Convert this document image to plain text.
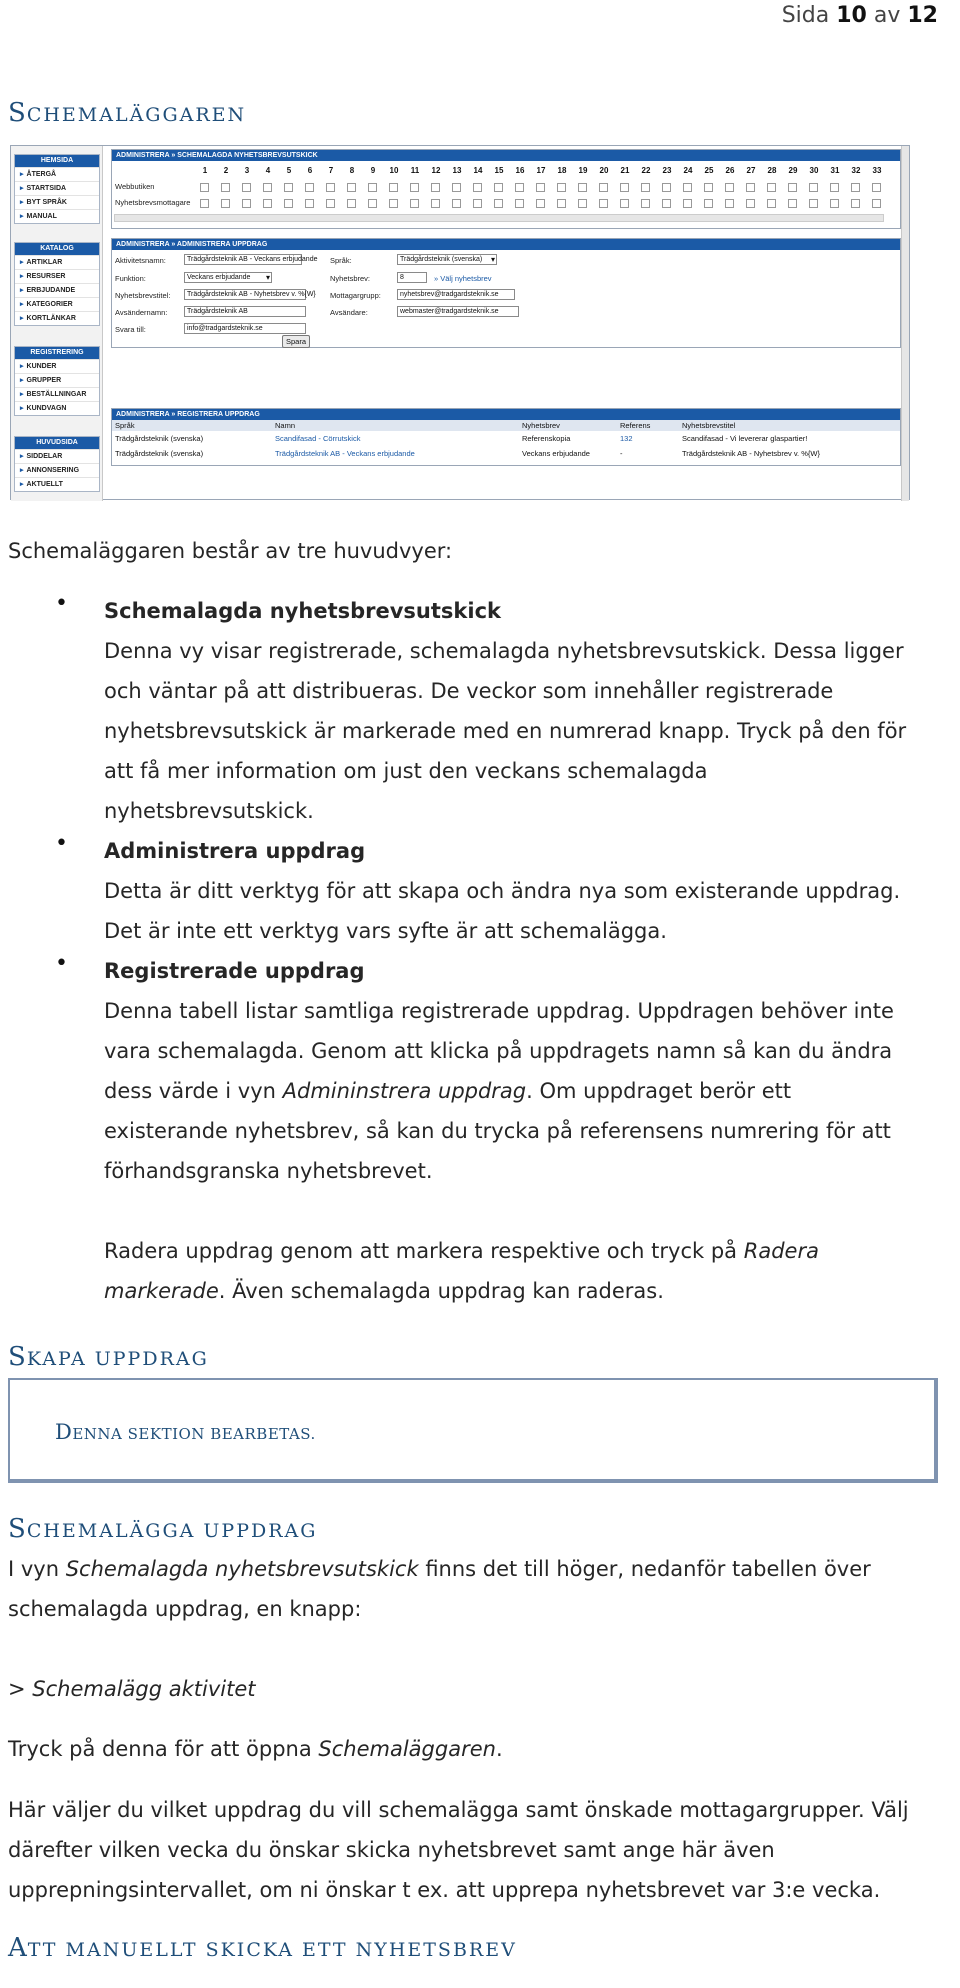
Sida 10 av 12
SCHEMALÄGGAREN
HEMSIDA
▸ ÅTERGÅ
▸ STARTSIDA
▸ BYT SPRÅK
▸ MANUAL
KATALOG
▸ ARTIKLAR
▸ RESURSER
▸ ERBJUDANDE
▸ KATEGORIER
▸ KORTLÄNKAR
REGISTRERING
▸ KUNDER
▸ GRUPPER
▸ BESTÄLLNINGAR
▸ KUNDVAGN
HUVUDSIDA
▸ SIDDELAR
▸ ANNONSERING
▸ AKTUELLT
ADMINISTRERA » SCHEMALAGDA NYHETSBREVSUTSKICK
1	2	3	4	5	6	7	8	9	10	11	12	13	14	15	16	17	18	19	20	21	22	23	24	25	26	27	28	29	30	31	32	33
Webbutiken
Nyhetsbrevsmottagare
ADMINISTRERA » ADMINISTRERA UPPDRAG
Aktivitetsnamn:	Trädgårdsteknik AB - Veckans erbjudande
Funktion:	Veckans erbjudande ▾
Nyhetsbrevstitel:	Trädgårdsteknik AB - Nyhetsbrev v. %{W}
Avsändernamn:	Trädgårdsteknik AB
Svara till:	info@tradgardsteknik.se
Spara
Språk:	Trädgårdsteknik (svenska) ▾
Nyhetsbrev:	8	» Välj nyhetsbrev
Mottagargrupp:	nyhetsbrev@tradgardsteknik.se
Avsändare:	webmaster@tradgardsteknik.se
ADMINISTRERA » REGISTRERA UPPDRAG
Språk	Namn	Nyhetsbrev	Referens	Nyhetsbrevstitel
Trädgårdsteknik (svenska)	Scandifasad - Cörrutskick	Referenskopia	132	Scandifasad - Vi levererar glaspartier!
Trädgårdsteknik (svenska)	Trädgårdsteknik AB - Veckans erbjudande	Veckans erbjudande	-	Trädgårdsteknik AB - Nyhetsbrev v. %{W}
Schemaläggaren består av tre huvudvyer:
• Schemalagda nyhetsbrevsutskick
Denna vy visar registrerade, schemalagda nyhetsbrevsutskick. Dessa ligger
och väntar på att distribueras. De veckor som innehåller registrerade
nyhetsbrevsutskick är markerade med en numrerad knapp. Tryck på den för
att få mer information om just den veckans schemalagda
nyhetsbrevsutskick.
• Administrera uppdrag
Detta är ditt verktyg för att skapa och ändra nya som existerande uppdrag.
Det är inte ett verktyg vars syfte är att schemalägga.
• Registrerade uppdrag
Denna tabell listar samtliga registrerade uppdrag. Uppdragen behöver inte
vara schemalagda. Genom att klicka på uppdragets namn så kan du ändra
dess värde i vyn Admininstrera uppdrag. Om uppdraget berör ett
existerande nyhetsbrev, så kan du trycka på referensens numrering för att
förhandsgranska nyhetsbrevet.

Radera uppdrag genom att markera respektive och tryck på Radera
markerade. Även schemalagda uppdrag kan raderas.
SKAPA UPPDRAG
DENNA SEKTION BEARBETAS.
SCHEMALÄGGA UPPDRAG
I vyn Schemalagda nyhetsbrevsutskick finns det till höger, nedanför tabellen över
schemalagda uppdrag, en knapp:
> Schemalägg aktivitet
Tryck på denna för att öppna Schemaläggaren.
Här väljer du vilket uppdrag du vill schemalägga samt önskade mottagargrupper. Välj
därefter vilken vecka du önskar skicka nyhetsbrevet samt ange här även
upprepningsintervallet, om ni önskar t ex. att upprepa nyhetsbrevet var 3:e vecka.
ATT MANUELLT SKICKA ETT NYHETSBREV
